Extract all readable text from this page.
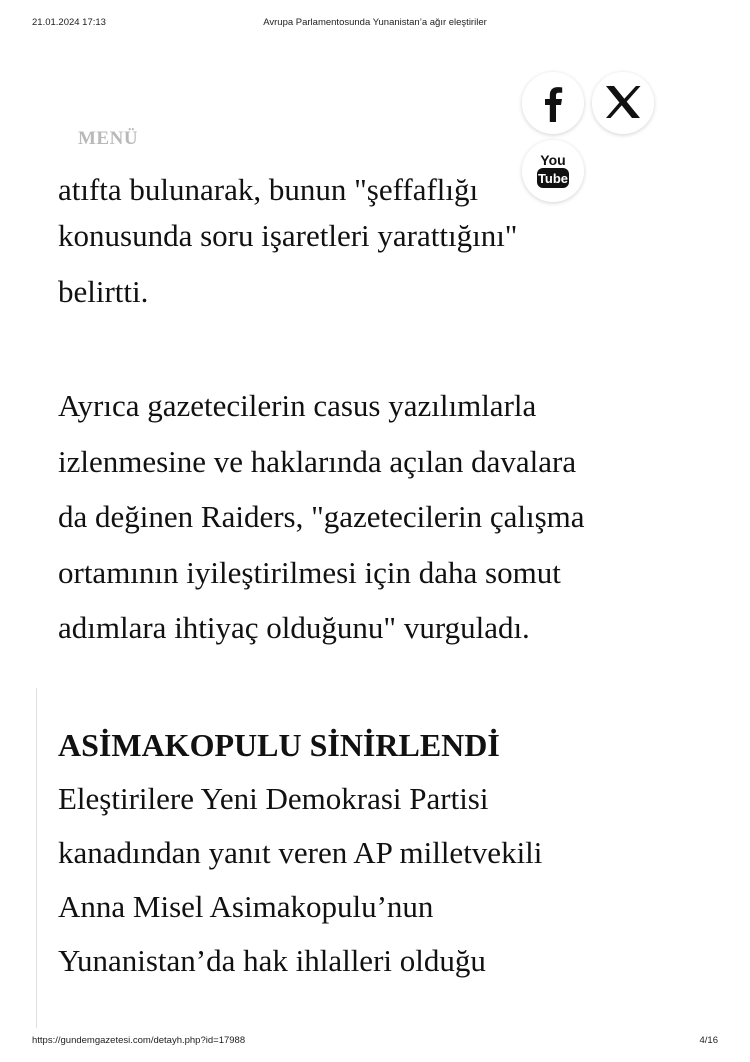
21.01.2024 17:13	Avrupa Parlamentosunda Yunanistan’a ağır eleştiriler
MENÜ
You
Tube
atıfta bulunarak, bunun "şeffaflığı
konusunda soru işaretleri yarattığını"
belirtti.
Ayrıca gazetecilerin casus yazılımlarla
izlenmesine ve haklarında açılan davalara
da değinen Raiders, "gazetecilerin çalışma
ortamının iyileştirilmesi için daha somut
adımlara ihtiyaç olduğunu" vurguladı.
ASİMAKOPULU SİNİRLENDİ
Eleştirilere Yeni Demokrasi Partisi
kanadından yanıt veren AP milletvekili
Anna Misel Asimakopulu’nun
Yunanistan’da hak ihlalleri olduğu
https://gundemgazetesi.com/detayh.php?id=17988	4/16
